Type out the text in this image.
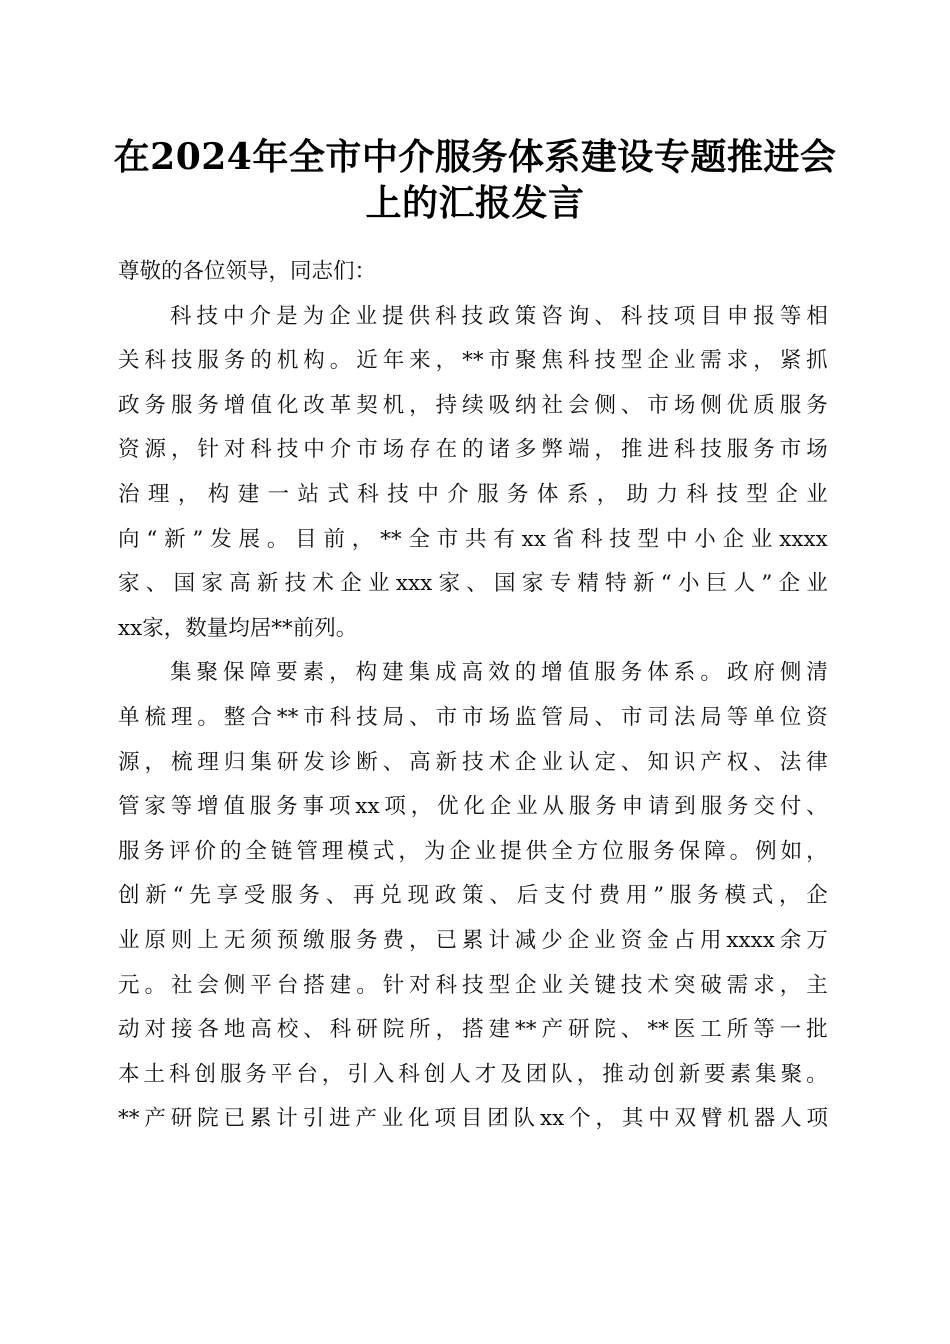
在2024年全市中介服务体系建设专题推进会
上的汇报发言
尊敬的各位领导，同志们：
科 技 中 介 是 为 企 业 提 供 科 技 政 策 咨 询 、 科 技 项 目 申 报 等 相
关 科 技 服 务 的 机 构 。 近 年 来 ， ** 市 聚 焦 科 技 型 企 业 需 求 ， 紧 抓
政 务 服 务 增 值 化 改 革 契 机 ， 持 续 吸 纳 社 会 侧 、 市 场 侧 优 质 服 务
资 源 ， 针 对 科 技 中 介 市 场 存 在 的 诸 多 弊 端 ， 推 进 科 技 服 务 市 场
治 理 ， 构 建 一 站 式 科 技 中 介 服 务 体 系 ， 助 力 科 技 型 企 业
向 “ 新 ” 发 展 。 目 前 ， ** 全 市 共 有 xx 省 科 技 型 中 小 企 业 xxxx
家 、 国 家 高 新 技 术 企 业 xxx 家 、 国 家 专 精 特 新 “ 小 巨 人 ” 企 业
xx家，数量均居**前列。
集 聚 保 障 要 素 ， 构 建 集 成 高 效 的 增 值 服 务 体 系 。 政 府 侧 清
单 梳 理 。 整 合 ** 市 科 技 局 、 市 市 场 监 管 局 、 市 司 法 局 等 单 位 资
源 ， 梳 理 归 集 研 发 诊 断 、 高 新 技 术 企 业 认 定 、 知 识 产 权 、 法 律
管 家 等 增 值 服 务 事 项 xx 项 ， 优 化 企 业 从 服 务 申 请 到 服 务 交 付 、
服 务 评 价 的 全 链 管 理 模 式 ， 为 企 业 提 供 全 方 位 服 务 保 障 。 例 如 ，
创 新 “ 先 享 受 服 务 、 再 兑 现 政 策 、 后 支 付 费 用 ” 服 务 模 式 ， 企
业 原 则 上 无 须 预 缴 服 务 费 ， 已 累 计 减 少 企 业 资 金 占 用 xxxx 余 万
元 。 社 会 侧 平 台 搭 建 。 针 对 科 技 型 企 业 关 键 技 术 突 破 需 求 ， 主
动 对 接 各 地 高 校 、 科 研 院 所 ， 搭 建 ** 产 研 院 、 ** 医 工 所 等 一 批
本 土 科 创 服 务 平 台 ， 引 入 科 创 人 才 及 团 队 ， 推 动 创 新 要 素 集 聚 。
** 产 研 院 已 累 计 引 进 产 业 化 项 目 团 队 xx 个 ， 其 中 双 臂 机 器 人 项
